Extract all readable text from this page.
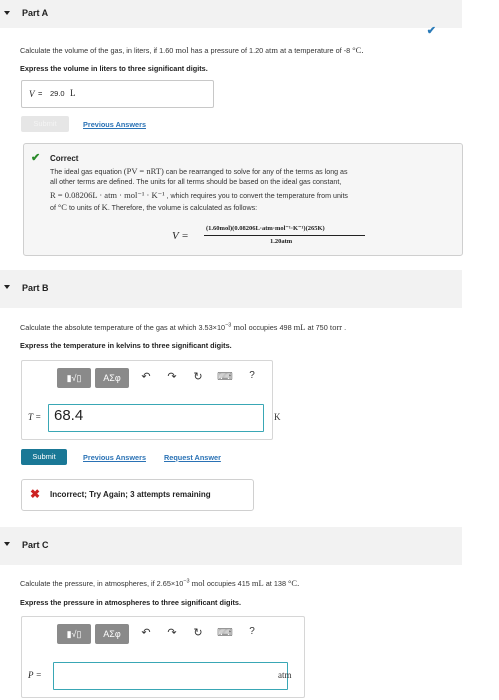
Part A
✔
Calculate the volume of the gas, in liters, if 1.60 mol has a pressure of 1.20 atm at a temperature of -8 °C.
Express the volume in liters to three significant digits.
V = 29.0 L
Submit	Previous Answers
✔ Correct
The ideal gas equation (PV = nRT) can be rearranged to solve for any of the terms as long as
all other terms are defined. The units for all terms should be based on the ideal gas constant,
R = 0.08206L · atm · mol⁻¹ · K⁻¹ , which requires you to convert the temperature from units
of °C to units of K. Therefore, the volume is calculated as follows:
V =
(1.60mol)(0.08206L·atm·mol⁻¹·K⁻¹)(265K)
1.20atm
Part B
Calculate the absolute temperature of the gas at which $3.53\times 10^{-3}$ mol occupies 498 mL at 750 torr .
Express the temperature in kelvins to three significant digits.
▮√▯	ΑΣφ	↶ ↷ ↻ ⌨	?
T = 68.4	K
Submit	Previous Answers Request Answer
✖ Incorrect; Try Again; 3 attempts remaining
Part C
Calculate the pressure, in atmospheres, if $2.65\times 10^{-3}$ mol occupies 415 mL at 138 °C.
Express the pressure in atmospheres to three significant digits.
▮√▯	ΑΣφ	↶ ↷ ↻ ⌨	?
P =	atm
